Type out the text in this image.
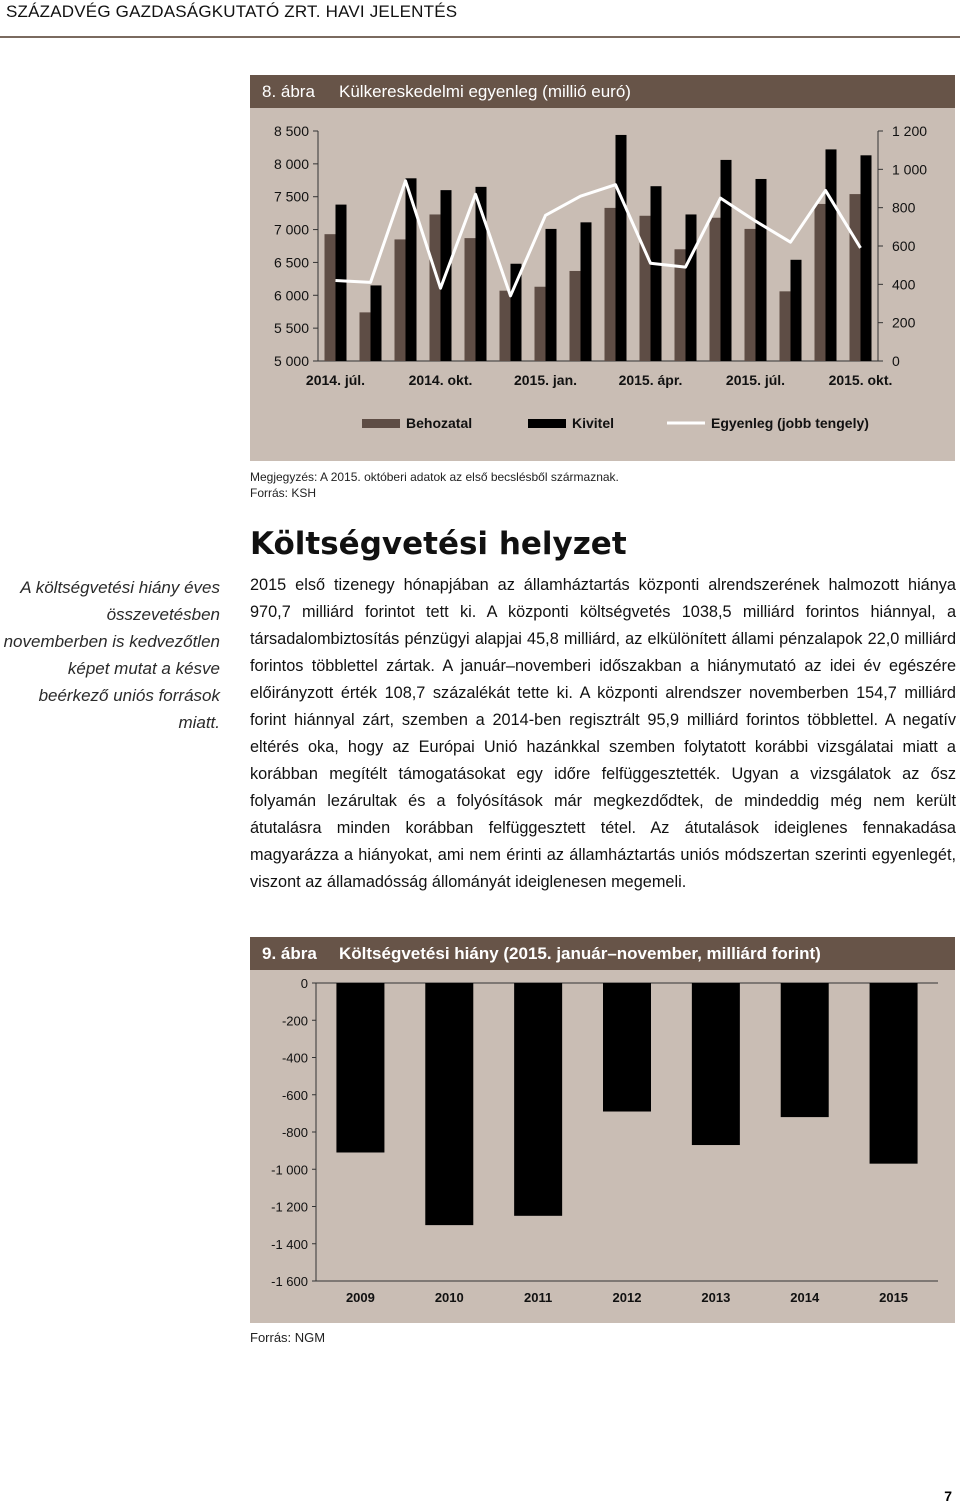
SZÁZADVÉG GAZDASÁGKUTATÓ ZRT. HAVI JELENTÉS
8. ábra	Külkereskedelmi egyenleg (millió euró)
5 000
5 500
6 000
6 500
7 000
7 500
8 000
8 500
0
200
400
600
800
1 000
1 200
2014. júl.	2014. okt.	2015. jan.	2015. ápr.	2015. júl.	2015. okt.
Behozatal	Kivitel	Egyenleg (jobb tengely)
Megjegyzés: A 2015. októberi adatok az első becslésből származnak.
Forrás: KSH
Költségvetési helyzet
A költségvetési hiány éves összevetésben novemberben is kedvezőtlen képet mutat a késve beérkező uniós források miatt.
2015 első tizenegy hónapjában az államháztartás központi alrendszerének halmozott hiánya 970,7 milliárd forintot tett ki. A központi költségvetés 1038,5 milliárd forintos hiánnyal, a társadalombiztosítás pénzügyi alapjai 45,8 milliárd, az elkülönített állami pénzalapok 22,0 milliárd forintos többlettel zártak. A január–novemberi időszakban a hiánymutató az idei év egészére előirányzott érték 108,7 százalékát tette ki. A központi alrendszer novemberben 154,7 milliárd forint hiánnyal zárt, szemben a 2014-ben regisztrált 95,9 milliárd forintos többlettel. A negatív eltérés oka, hogy az Európai Unió hazánkkal szemben folytatott korábbi vizsgálatai miatt a korábban megítélt támogatásokat egy időre felfüggesztették. Ugyan a vizsgálatok az ősz folyamán lezárultak és a folyósítások már megkezdődtek, de mindeddig még nem került átutalásra minden korábban felfüggesztett tétel. Az átutalások ideiglenes fennakadása magyarázza a hiányokat, ami nem érinti az államháztartás uniós módszertan szerinti egyenlegét, viszont az államadósság állományát ideiglenesen megemeli.
9. ábra	Költségvetési hiány (2015. január–november, milliárd forint)
0
-200
-400
-600
-800
-1 000
-1 200
-1 400
-1 600
2009	2010	2011	2012	2013	2014	2015
Forrás: NGM
7
